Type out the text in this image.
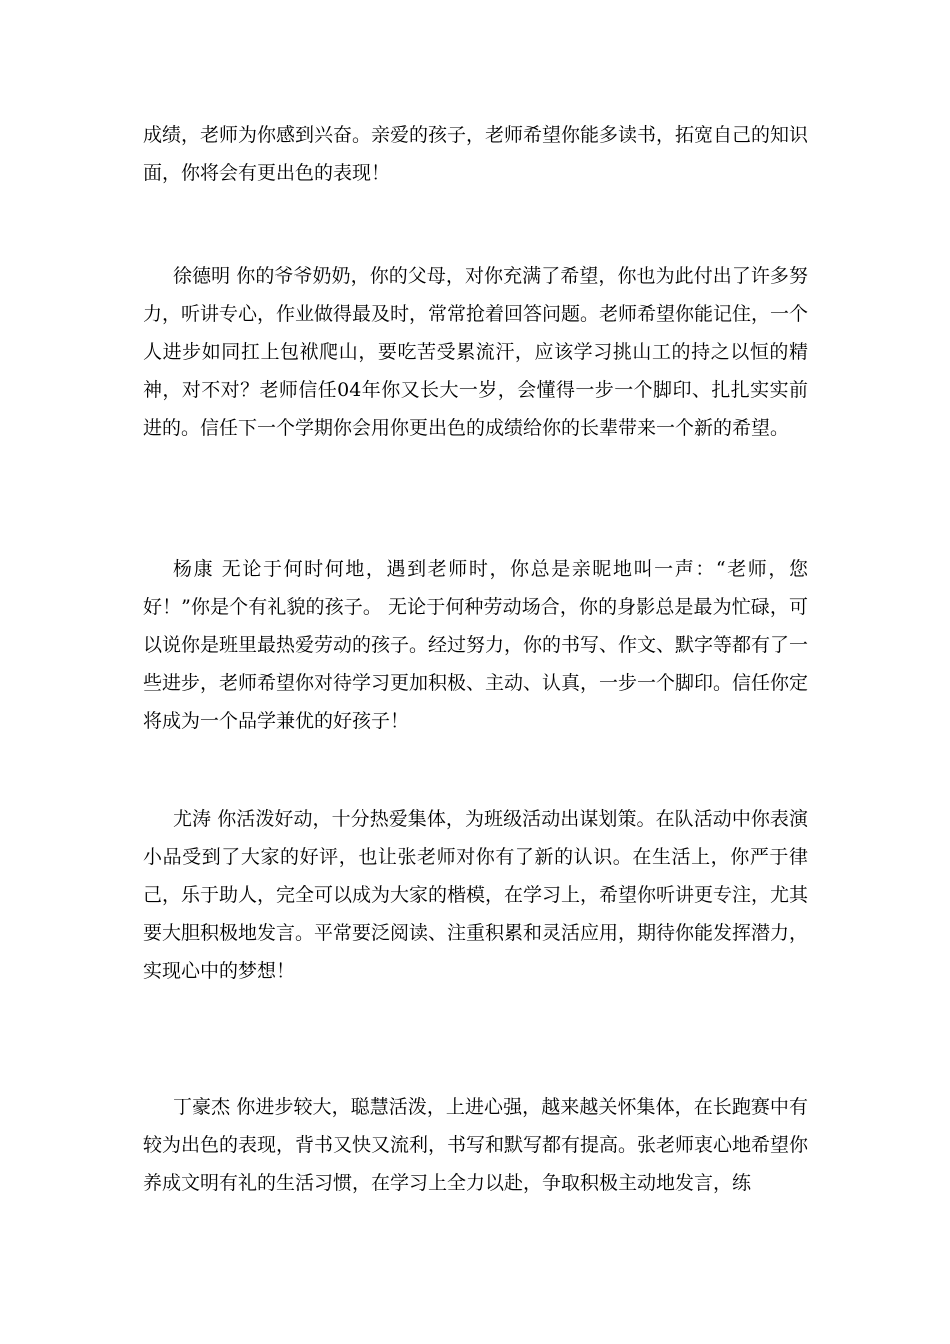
成绩，老师为你感到兴奋。亲爱的孩子，老师希望你能多读书，拓宽自己的知识面，你将会有更出色的表现！

徐德明 你的爷爷奶奶，你的父母，对你充满了希望，你也为此付出了许多努力，听讲专心，作业做得最及时，常常抢着回答问题。老师希望你能记住，一个人进步如同扛上包袱爬山，要吃苦受累流汗，应该学习挑山工的持之以恒的精神，对不对？老师信任04年你又长大一岁，会懂得一步一个脚印、扎扎实实前进的。信任下一个学期你会用你更出色的成绩给你的长辈带来一个新的希望。

杨康 无论于何时何地，遇到老师时，你总是亲昵地叫一声：“老师，您好！”你是个有礼貌的孩子。 无论于何种劳动场合，你的身影总是最为忙碌，可以说你是班里最热爱劳动的孩子。经过努力，你的书写、作文、默字等都有了一些进步，老师希望你对待学习更加积极、主动、认真，一步一个脚印。信任你定将成为一个品学兼优的好孩子！

尤涛 你活泼好动，十分热爱集体，为班级活动出谋划策。在队活动中你表演小品受到了大家的好评，也让张老师对你有了新的认识。在生活上，你严于律己，乐于助人，完全可以成为大家的楷模，在学习上，希望你听讲更专注，尤其要大胆积极地发言。平常要泛阅读、注重积累和灵活应用，期待你能发挥潜力，实现心中的梦想！

丁豪杰 你进步较大，聪慧活泼，上进心强，越来越关怀集体，在长跑赛中有较为出色的表现，背书又快又流利，书写和默写都有提高。张老师衷心地希望你养成文明有礼的生活习惯，在学习上全力以赴，争取积极主动地发言，练
